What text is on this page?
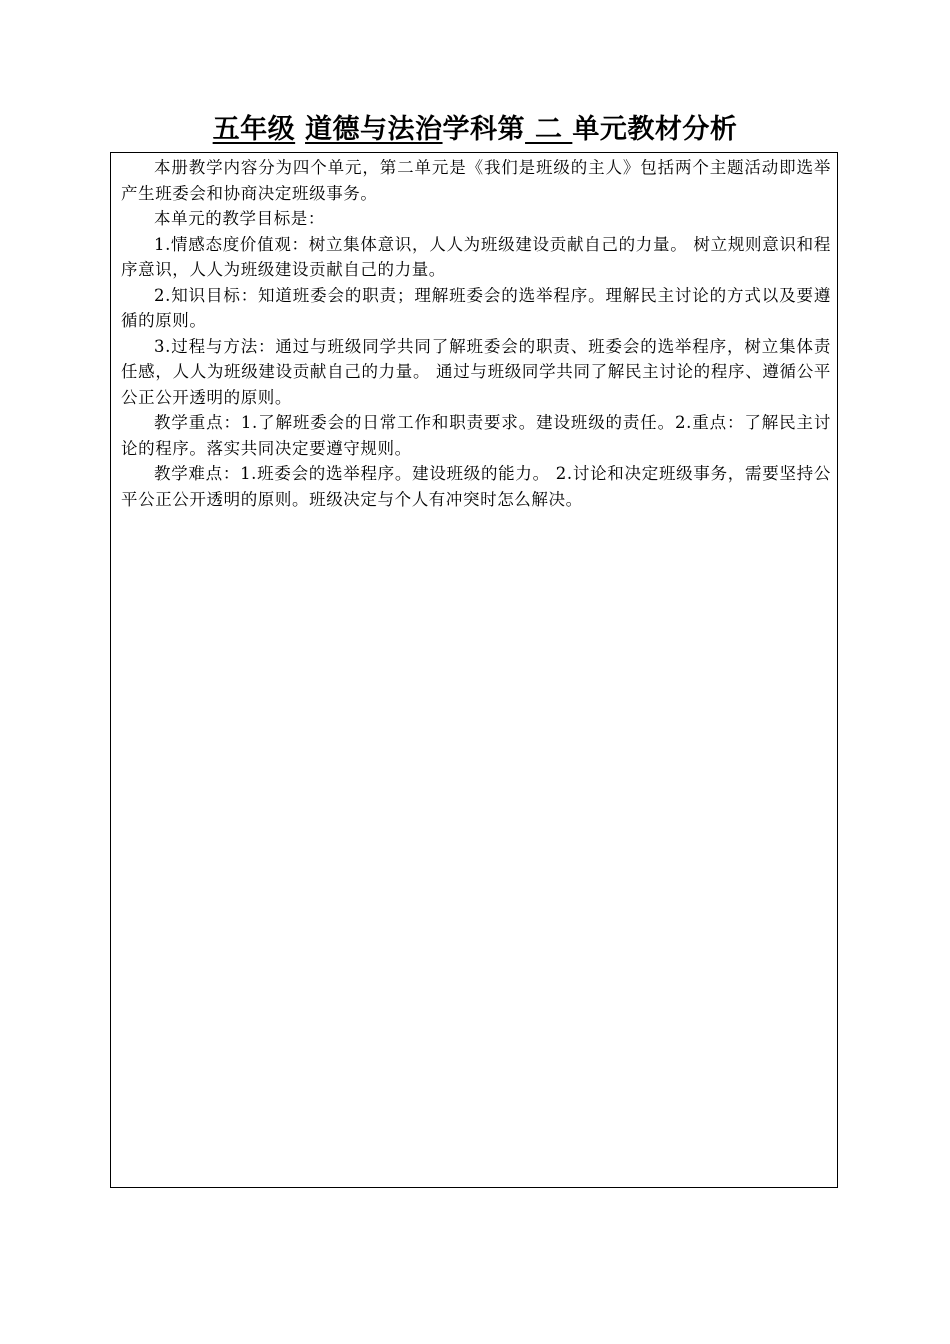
五年级 道德与法治学科第 二 单元教材分析

本册教学内容分为四个单元，第二单元是《我们是班级的主人》包括两个主题活动即选举产生班委会和协商决定班级事务。

本单元的教学目标是：

1.情感态度价值观：树立集体意识，人人为班级建设贡献自己的力量。 树立规则意识和程序意识，人人为班级建设贡献自己的力量。

2.知识目标：知道班委会的职责；理解班委会的选举程序。理解民主讨论的方式以及要遵循的原则。

3.过程与方法：通过与班级同学共同了解班委会的职责、班委会的选举程序，树立集体责任感，人人为班级建设贡献自己的力量。 通过与班级同学共同了解民主讨论的程序、遵循公平公正公开透明的原则。

教学重点：1.了解班委会的日常工作和职责要求。建设班级的责任。2.重点：了解民主讨论的程序。落实共同决定要遵守规则。

教学难点：1.班委会的选举程序。建设班级的能力。 2.讨论和决定班级事务，需要坚持公平公正公开透明的原则。班级决定与个人有冲突时怎么解决。
